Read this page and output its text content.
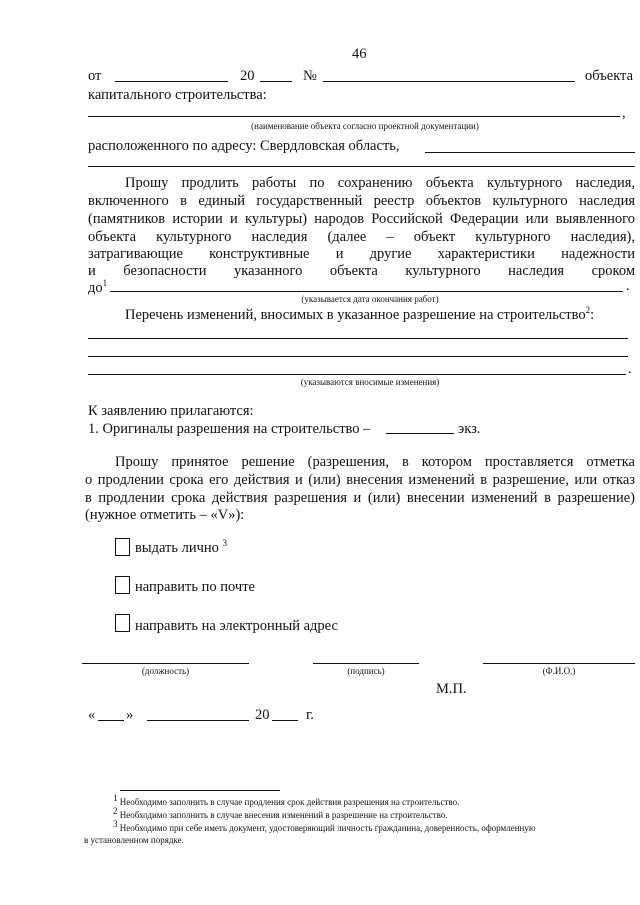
46
от	20	№	объекта
капитального строительства:
,
(наименование объекта согласно проектной документации)
расположенного по адресу: Свердловская область,
Прошу продлить работы по сохранению объекта культурного наследия,
включенного в единый государственный реестр объектов культурного наследия
(памятников истории и культуры) народов Российской Федерации или выявленного
объекта культурного наследия (далее – объект культурного наследия),
затрагивающие конструктивные и другие характеристики надежности
и безопасности указанного объекта культурного наследия сроком
$до^1$	.
(указывается дата окончания работ)
Перечень изменений, вносимых в указанное разрешение на строительство$^2$:
.
(указываются вносимые изменения)
К заявлению прилагаются:
1. Оригиналы разрешения на строительство –	экз.
Прошу принятое решение (разрешения, в котором проставляется отметка
о продлении срока его действия и (или) внесения изменений в разрешение, или отказ
в продлении срока действия разрешения и (или) внесении изменений в разрешение)
(нужное отметить – «V»):
выдать лично $^3$
направить по почте
направить на электронный адрес
(должность)	(подпись)	(Ф.И.О.)
М.П.
« »	20	г.
$^1$ Необходимо заполнить в случае продления срок действия разрешения на строительство.
$^2$ Необходимо заполнить в случае внесения изменений в разрешение на строительство.
$^3$ Необходимо при себе иметь документ, удостоверяющий личность гражданина, доверенность, оформленную
в установленном порядке.
